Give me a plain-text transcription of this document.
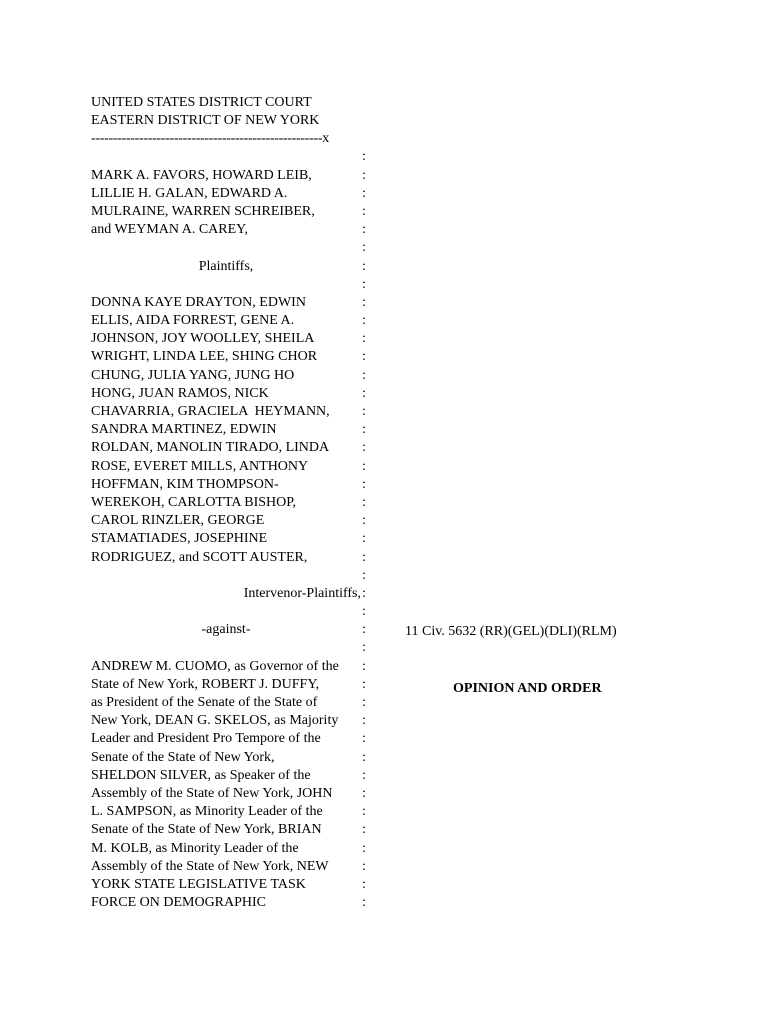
UNITED STATES DISTRICT COURT
EASTERN DISTRICT OF NEW YORK
-----------------------------------------------------x
:
MARK A. FAVORS, HOWARD LEIB,	:
LILLIE H. GALAN, EDWARD A.	:
MULRAINE, WARREN SCHREIBER,	:
and WEYMAN A. CAREY,	:
:
Plaintiffs,	:
:
DONNA KAYE DRAYTON, EDWIN	:
ELLIS, AIDA FORREST, GENE A.	:
JOHNSON, JOY WOOLLEY, SHEILA	:
WRIGHT, LINDA LEE, SHING CHOR	:
CHUNG, JULIA YANG, JUNG HO	:
HONG, JUAN RAMOS, NICK	:
CHAVARRIA, GRACIELA  HEYMANN, :
SANDRA MARTINEZ, EDWIN	:
ROLDAN, MANOLIN TIRADO, LINDA :
ROSE, EVERET MILLS, ANTHONY	:
HOFFMAN, KIM THOMPSON-	:
WEREKOH, CARLOTTA BISHOP,	:
CAROL RINZLER, GEORGE	:
STAMATIADES, JOSEPHINE	:
RODRIGUEZ, and SCOTT AUSTER,	:
:
Intervenor-Plaintiffs, :
:
-against-	:
:
ANDREW M. CUOMO, as Governor of the :
State of New York, ROBERT J. DUFFY,	:
as President of the Senate of the State of	:
New York, DEAN G. SKELOS, as Majority :
Leader and President Pro Tempore of the	:
Senate of the State of New York,	:
SHELDON SILVER, as Speaker of the	:
Assembly of the State of New York, JOHN :
L. SAMPSON, as Minority Leader of the	:
Senate of the State of New York, BRIAN	:
M. KOLB, as Minority Leader of the	:
Assembly of the State of New York, NEW :
YORK STATE LEGISLATIVE TASK	:
FORCE ON DEMOGRAPHIC	:
11 Civ. 5632 (RR)(GEL)(DLI)(RLM)
OPINION AND ORDER
